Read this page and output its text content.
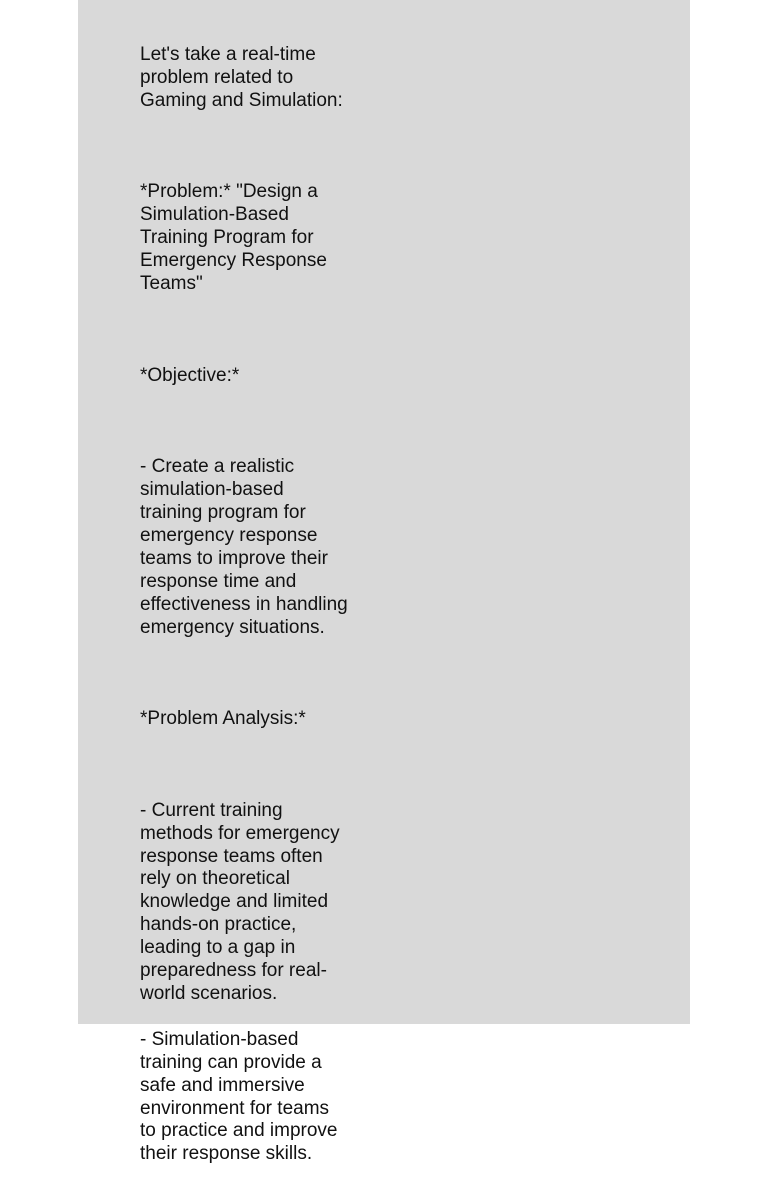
Let's take a real-time problem related to Gaming and Simulation:

*Problem:* "Design a Simulation-Based Training Program for Emergency Response Teams"

*Objective:*

- Create a realistic simulation-based training program for emergency response teams to improve their response time and effectiveness in handling emergency situations.

*Problem Analysis:*

- Current training methods for emergency response teams often rely on theoretical knowledge and limited hands-on practice, leading to a gap in preparedness for real-world scenarios.

- Simulation-based training can provide a safe and immersive environment for teams to practice and improve their response skills.
